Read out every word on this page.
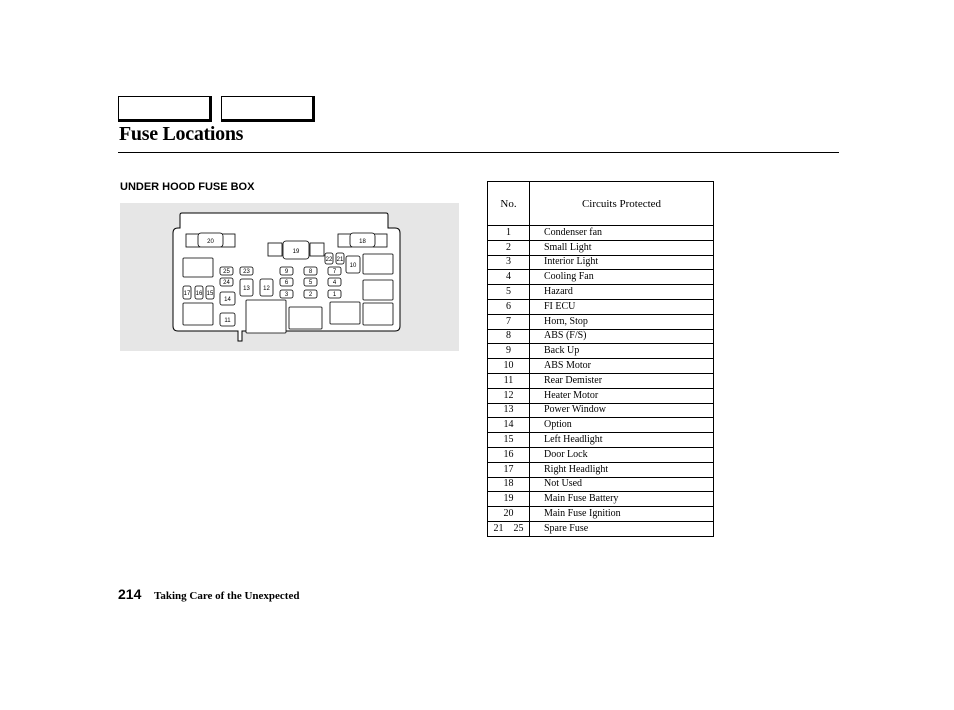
Fuse Locations
UNDER HOOD FUSE BOX
20
19
18
22 21
10
25 23	9	8	7
24	6	5	4
17 16 15
14
13 12
3	2	1
11
No.	Circuits Protected
1	Condenser fan
2	Small Light
3	Interior Light
4	Cooling Fan
5	Hazard
6	FI ECU
7	Horn, Stop
8	ABS (F/S)
9	Back Up
10	ABS Motor
11	Rear Demister
12	Heater Motor
13	Power Window
14	Option
15	Left Headlight
16	Door Lock
17	Right Headlight
18	Not Used
19	Main Fuse Battery
20	Main Fuse Ignition
21    25	Spare Fuse
214 Taking Care of the Unexpected
